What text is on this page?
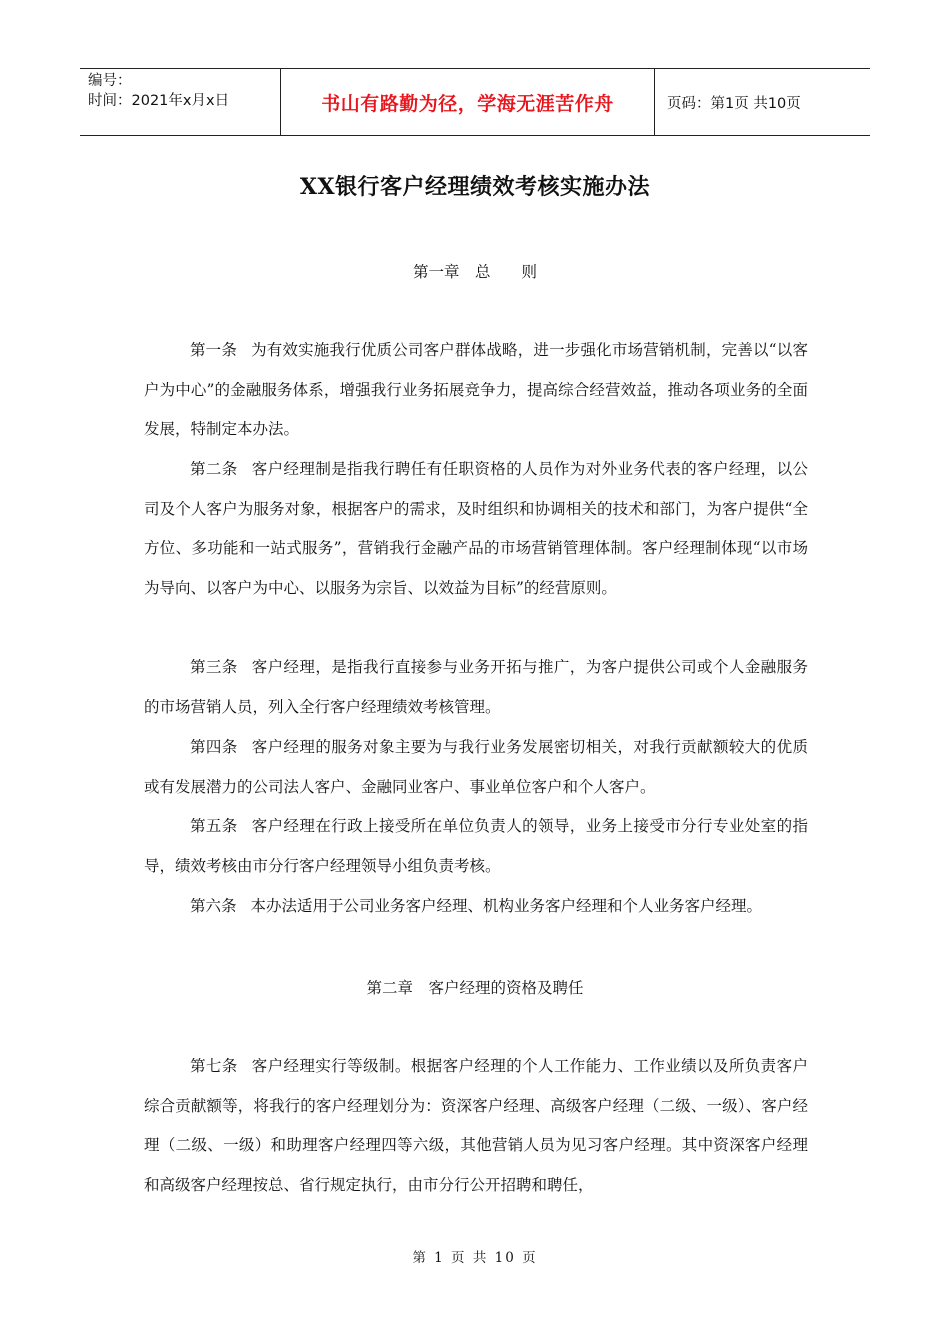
编号：
时间：2021年x月x日	书山有路勤为径，学海无涯苦作舟	页码：第1页 共10页
XX银行客户经理绩效考核实施办法
第一章　总　　则

第一条 为有效实施我行优质公司客户群体战略，进一步强化市场营销机制，完善以“以客户为中心”的金融服务体系，增强我行业务拓展竞争力，提高综合经营效益，推动各项业务的全面发展，特制定本办法。

第二条 客户经理制是指我行聘任有任职资格的人员作为对外业务代表的客户经理，以公司及个人客户为服务对象，根据客户的需求，及时组织和协调相关的技术和部门，为客户提供“全方位、多功能和一站式服务”，营销我行金融产品的市场营销管理体制。客户经理制体现“以市场为导向、以客户为中心、以服务为宗旨、以效益为目标”的经营原则。

第三条 客户经理，是指我行直接参与业务开拓与推广，为客户提供公司或个人金融服务的市场营销人员，列入全行客户经理绩效考核管理。

第四条 客户经理的服务对象主要为与我行业务发展密切相关，对我行贡献额较大的优质或有发展潜力的公司法人客户、金融同业客户、事业单位客户和个人客户。

第五条 客户经理在行政上接受所在单位负责人的领导，业务上接受市分行专业处室的指导，绩效考核由市分行客户经理领导小组负责考核。

第六条 本办法适用于公司业务客户经理、机构业务客户经理和个人业务客户经理。

第二章　客户经理的资格及聘任

第七条 客户经理实行等级制。根据客户经理的个人工作能力、工作业绩以及所负责客户综合贡献额等，将我行的客户经理划分为：资深客户经理、高级客户经理（二级、一级）、客户经理（二级、一级）和助理客户经理四等六级，其他营销人员为见习客户经理。其中资深客户经理和高级客户经理按总、省行规定执行，由市分行公开招聘和聘任，

第 1 页 共 10 页
